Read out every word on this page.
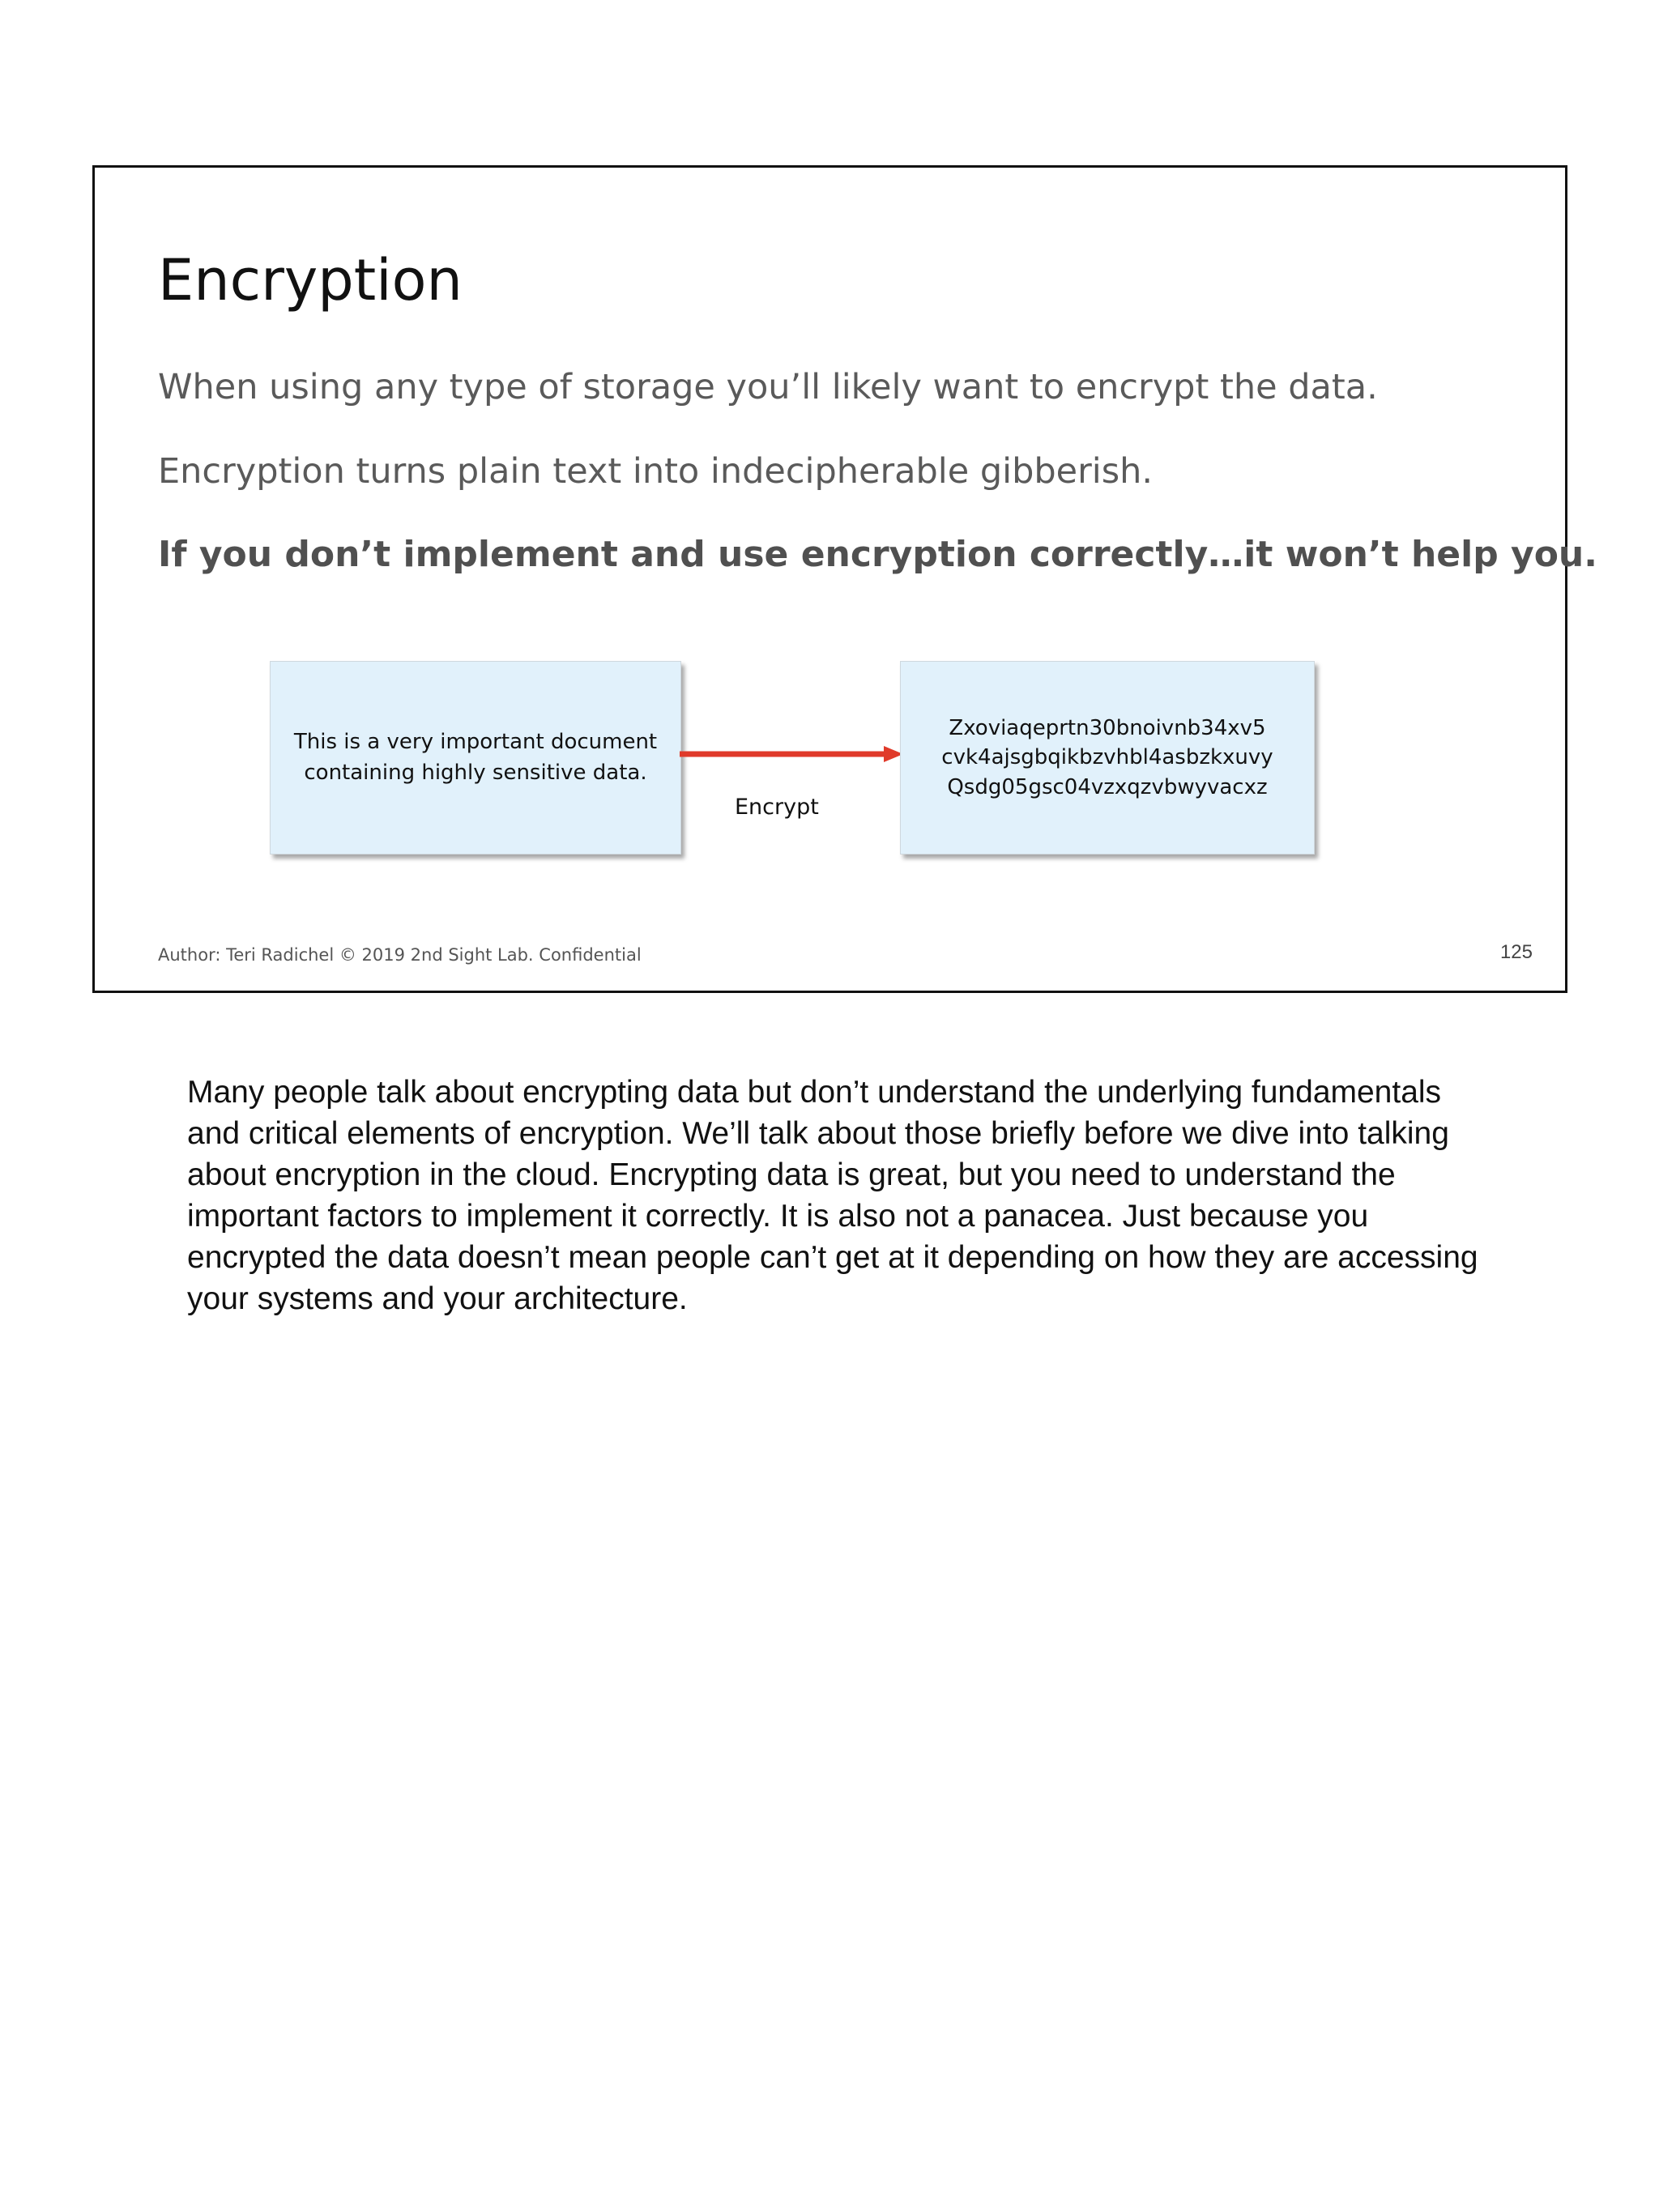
Encryption

When using any type of storage you’ll likely want to encrypt the data.

Encryption turns plain text into indecipherable gibberish.

If you don’t implement and use encryption correctly…it won’t help you.

This is a very important document
containing highly sensitive data.
Encrypt
Zxoviaqeprtn30bnoivnb34xv5
cvk4ajsgbqikbzvhbl4asbzkxuvy
Qsdg05gsc04vzxqzvbwyvacxz
Author: Teri Radichel © 2019 2nd Sight Lab. Confidential	125

Many people talk about encrypting data but don’t understand the underlying fundamentals and critical elements of encryption. We’ll talk about those briefly before we dive into talking about encryption in the cloud. Encrypting data is great, but you need to understand the important factors to implement it correctly. It is also not a panacea. Just because you encrypted the data doesn’t mean people can’t get at it depending on how they are accessing your systems and your architecture.
